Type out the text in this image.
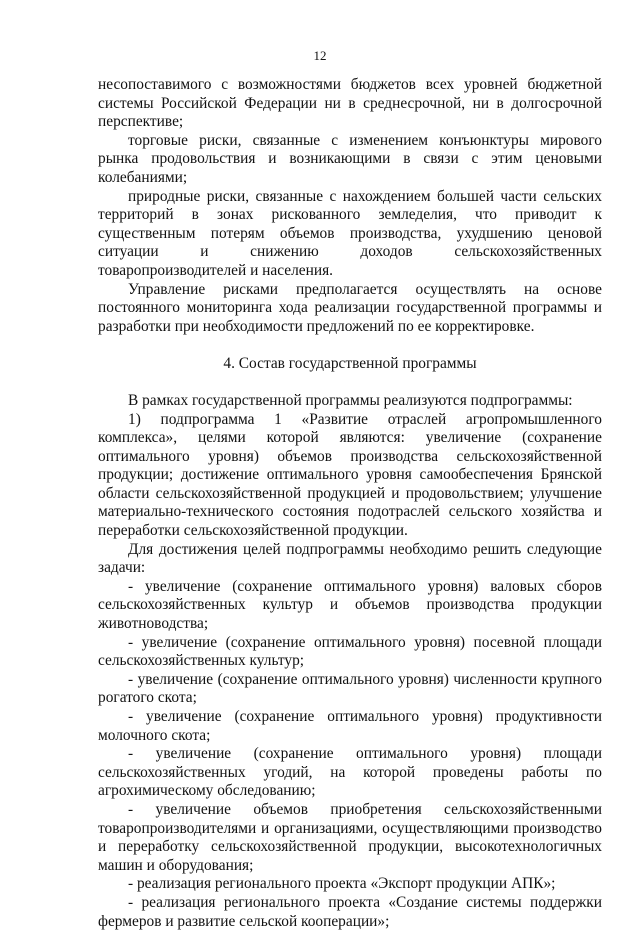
12

несопоставимого с возможностями бюджетов всех уровней бюджетной системы Российской Федерации ни в среднесрочной, ни в долгосрочной перспективе;

торговые риски, связанные с изменением конъюнктуры мирового рынка продовольствия и возникающими в связи с этим ценовыми колебаниями;

природные риски, связанные с нахождением большей части сельских территорий в зонах рискованного земледелия, что приводит к существенным потерям объемов производства, ухудшению ценовой ситуации и снижению доходов сельскохозяйственных товаропроизводителей и населения.

Управление рисками предполагается осуществлять на основе постоянного мониторинга хода реализации государственной программы и разработки при необходимости предложений по ее корректировке.

4. Состав государственной программы

В рамках государственной программы реализуются подпрограммы:

1) подпрограмма 1 «Развитие отраслей агропромышленного комплекса», целями которой являются: увеличение (сохранение оптимального уровня) объемов производства сельскохозяйственной продукции; достижение оптимального уровня самообеспечения Брянской области сельскохозяйственной продукцией и продовольствием; улучшение материально-технического состояния подотраслей сельского хозяйства и переработки сельскохозяйственной продукции.

Для достижения целей подпрограммы необходимо решить следующие задачи:

- увеличение (сохранение оптимального уровня) валовых сборов сельскохозяйственных культур и объемов производства продукции животноводства;

- увеличение (сохранение оптимального уровня) посевной площади сельскохозяйственных культур;

- увеличение (сохранение оптимального уровня) численности крупного рогатого скота;

- увеличение (сохранение оптимального уровня) продуктивности молочного скота;

- увеличение (сохранение оптимального уровня) площади сельскохозяйственных угодий, на которой проведены работы по агрохимическому обследованию;

- увеличение объемов приобретения сельскохозяйственными товаропроизводителями и организациями, осуществляющими производство и переработку сельскохозяйственной продукции, высокотехнологичных машин и оборудования;

- реализация регионального проекта «Экспорт продукции АПК»;

- реализация регионального проекта «Создание системы поддержки фермеров и развитие сельской кооперации»;
